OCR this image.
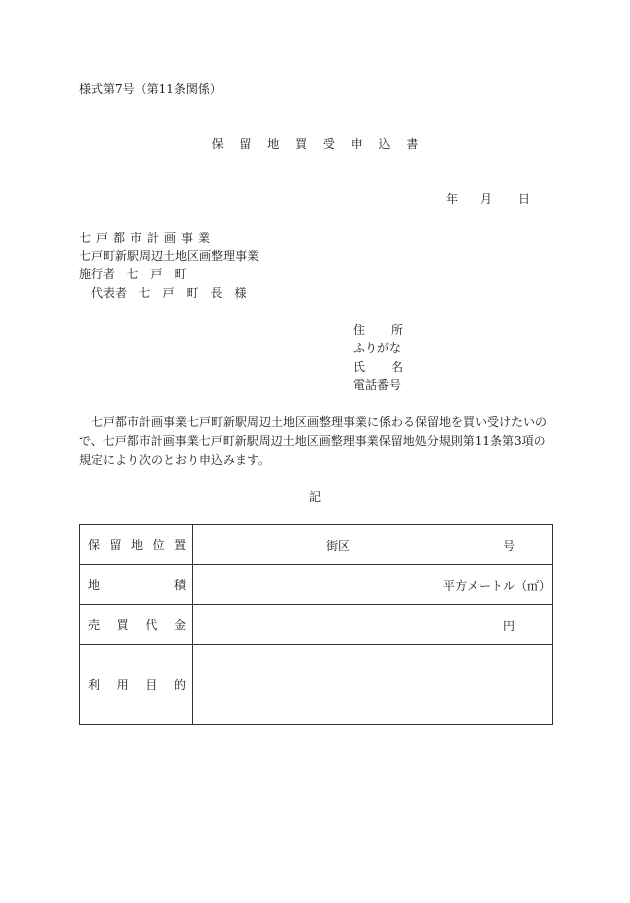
様式第7号（第11条関係）
保 留 地 買 受 申 込 書
年 月 日
七戸都市計画事業
七戸町新駅周辺土地区画整理事業
施行者 七戸町
代表者 七戸町長様
住所
ふりがな
氏名
電話番号
七戸都市計画事業七戸町新駅周辺土地区画整理事業に係わる保留地を買い受けたいので、七戸都市計画事業七戸町新駅周辺土地区画整理事業保留地処分規則第11条第3項の規定により次のとおり申込みます。
記
保留地位置	街区 号

地積	平方メートル（㎡）

売買代金	円

利用目的	
